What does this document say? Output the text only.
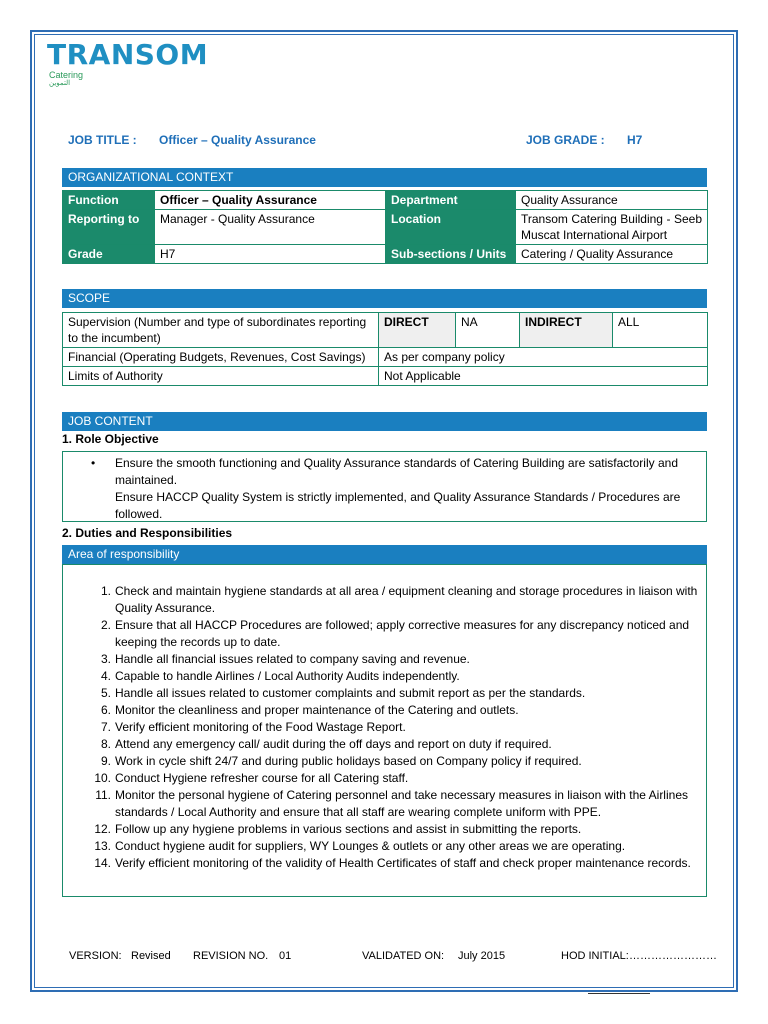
TRANSOM
Catering
التموين
JOB TITLE : Officer – Quality Assurance	JOB GRADE : H7
ORGANIZATIONAL CONTEXT
Function	Officer – Quality Assurance	Department	Quality Assurance
Reporting to	Manager - Quality Assurance	Location	Transom Catering Building - Seeb
Muscat International Airport

Grade	H7	Sub-sections / Units	Catering / Quality Assurance
SCOPE
Supervision (Number and type of subordinates reporting to the incumbent)	DIRECT	NA	INDIRECT	ALL
Financial (Operating Budgets, Revenues, Cost Savings)	As per company policy			
Limits of Authority	Not Applicable			
JOB CONTENT
1. Role Objective
• Ensure the smooth functioning and Quality Assurance standards of Catering Building are satisfactorily and maintained.
Ensure HACCP Quality System is strictly implemented, and Quality Assurance Standards / Procedures are followed.
2. Duties and Responsibilities
Area of responsibility
1. Check and maintain hygiene standards at all area / equipment cleaning and storage procedures in liaison with Quality Assurance.
2. Ensure that all HACCP Procedures are followed; apply corrective measures for any discrepancy noticed and keeping the records up to date.
3. Handle all financial issues related to company saving and revenue.
4. Capable to handle Airlines / Local Authority Audits independently.
5. Handle all issues related to customer complaints and submit report as per the standards.
6. Monitor the cleanliness and proper maintenance of the Catering and outlets.
7. Verify efficient monitoring of the Food Wastage Report.
8. Attend any emergency call/ audit during the off days and report on duty if required.
9. Work in cycle shift 24/7 and during public holidays based on Company policy if required.
10. Conduct Hygiene refresher course for all Catering staff.
11. Monitor the personal hygiene of Catering personnel and take necessary measures in liaison with the Airlines standards / Local Authority and ensure that all staff are wearing complete uniform with PPE.
12. Follow up any hygiene problems in various sections and assist in submitting the reports.
13. Conduct hygiene audit for suppliers, WY Lounges & outlets or any other areas we are operating.
14. Verify efficient monitoring of the validity of Health Certificates of staff and check proper maintenance records.
VERSION: Revised REVISION NO. 01	VALIDATED ON: July 2015	HOD INITIAL: ……………………
